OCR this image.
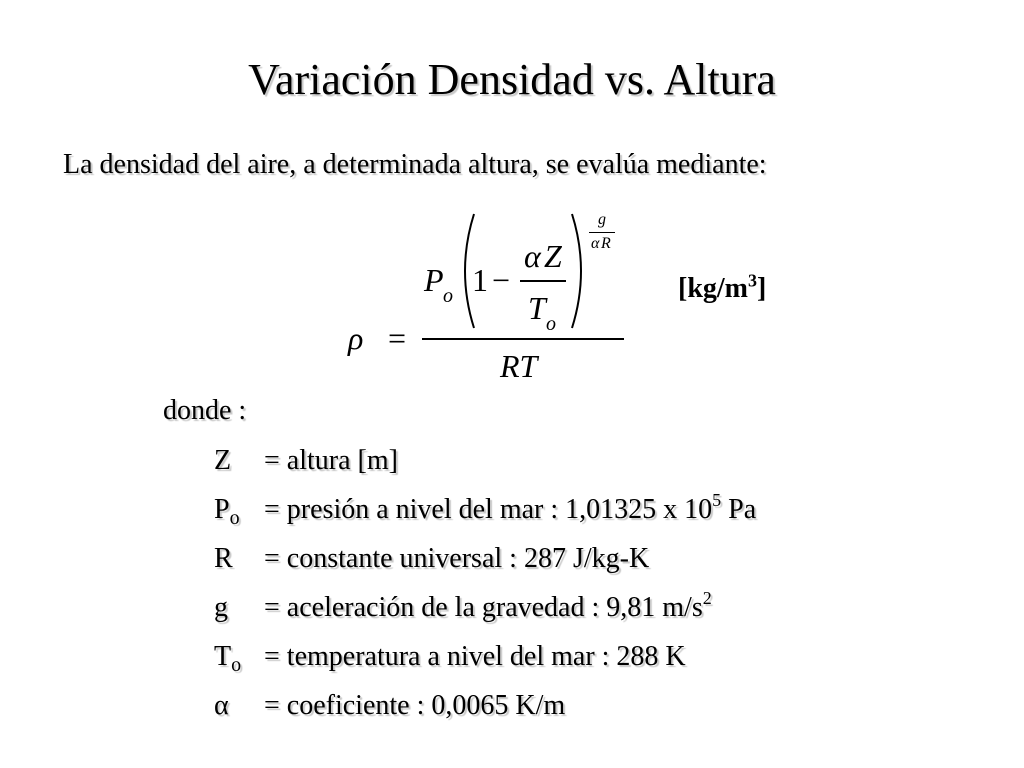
Variación Densidad vs. Altura
La densidad del aire, a determinada altura, se evalúa mediante:
ρ =
P o 1 −
α Z
T o
g
α R
RT
$[kg/m^3]$
donde :
Z = altura [m]
$P_o$ = presión a nivel del mar : 1,01325 x $10^5$ Pa
R = constante universal : 287 J/kg-K
g = aceleración de la gravedad : 9,81 $m/s^2$
$T_o$ = temperatura a nivel del mar : 288 K
α = coeficiente : 0,0065 K/m
